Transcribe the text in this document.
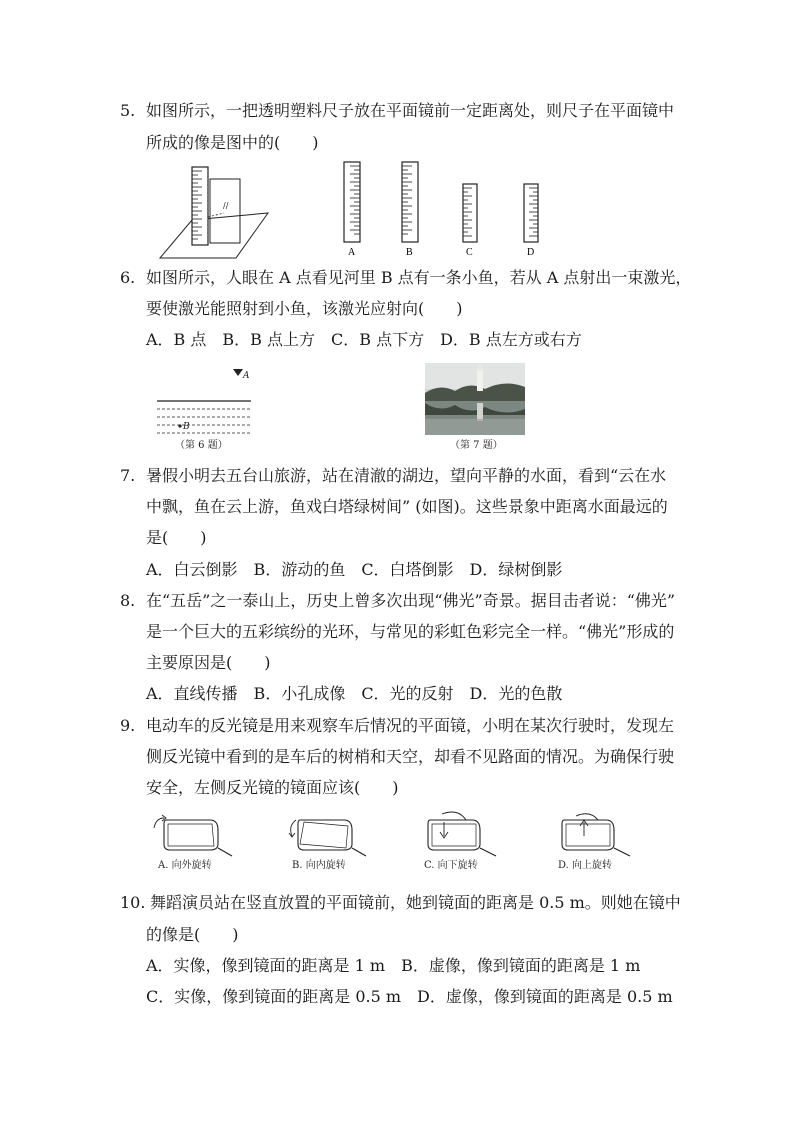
5. 如图所示，一把透明塑料尺子放在平面镜前一定距离处，则尺子在平面镜中
所成的像是图中的(　　)
//
A	B	C	D
6. 如图所示，人眼在 A 点看见河里 B 点有一条小鱼，若从 A 点射出一束激光，
要使激光能照射到小鱼，该激光应射向(　　)
A．B 点　B．B 点上方　C．B 点下方　D．B 点左方或右方
A
B
（第 6 题）	（第 7 题）
7. 暑假小明去五台山旅游，站在清澈的湖边，望向平静的水面，看到“云在水
中飘，鱼在云上游，鱼戏白塔绿树间” (如图)。这些景象中距离水面最远的
是(　　)
A．白云倒影　B．游动的鱼　C．白塔倒影　D．绿树倒影
8. 在“五岳”之一泰山上，历史上曾多次出现“佛光”奇景。据目击者说：“佛光”
是一个巨大的五彩缤纷的光环，与常见的彩虹色彩完全一样。“佛光”形成的
主要原因是(　　)
A．直线传播　B．小孔成像　C．光的反射　D．光的色散
9. 电动车的反光镜是用来观察车后情况的平面镜，小明在某次行驶时，发现左
侧反光镜中看到的是车后的树梢和天空，却看不见路面的情况。为确保行驶
安全，左侧反光镜的镜面应该(　　)
A. 向外旋转	B. 向内旋转	C. 向下旋转	D. 向上旋转
10. 舞蹈演员站在竖直放置的平面镜前，她到镜面的距离是 0.5 m。则她在镜中
的像是(　　)
A．实像，像到镜面的距离是 1 m　B．虚像，像到镜面的距离是 1 m
C．实像，像到镜面的距离是 0.5 m　D．虚像，像到镜面的距离是 0.5 m
